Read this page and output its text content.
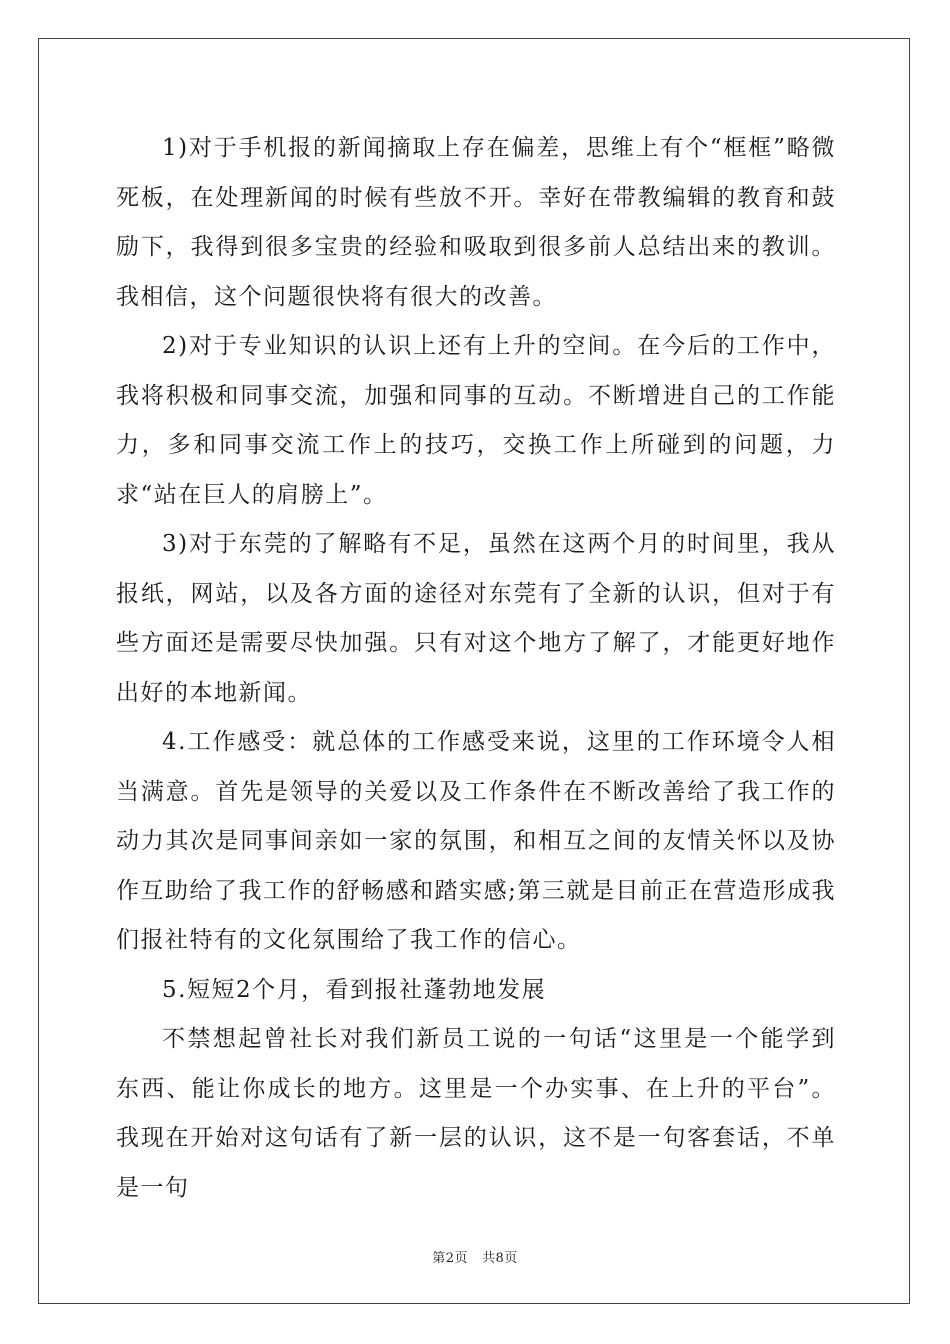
1)对于手机报的新闻摘取上存在偏差，思维上有个“框框”略微死板，在处理新闻的时候有些放不开。幸好在带教编辑的教育和鼓励下，我得到很多宝贵的经验和吸取到很多前人总结出来的教训。我相信，这个问题很快将有很大的改善。

2)对于专业知识的认识上还有上升的空间。在今后的工作中，我将积极和同事交流，加强和同事的互动。不断增进自己的工作能力，多和同事交流工作上的技巧，交换工作上所碰到的问题，力求“站在巨人的肩膀上”。

3)对于东莞的了解略有不足，虽然在这两个月的时间里，我从报纸，网站，以及各方面的途径对东莞有了全新的认识，但对于有些方面还是需要尽快加强。只有对这个地方了解了，才能更好地作出好的本地新闻。

4.工作感受：就总体的工作感受来说，这里的工作环境令人相当满意。首先是领导的关爱以及工作条件在不断改善给了我工作的动力其次是同事间亲如一家的氛围，和相互之间的友情关怀以及协作互助给了我工作的舒畅感和踏实感;第三就是目前正在营造形成我们报社特有的文化氛围给了我工作的信心。

5.短短2个月，看到报社蓬勃地发展

不禁想起曾社长对我们新员工说的一句话“这里是一个能学到东西、能让你成长的地方。这里是一个办实事、在上升的平台”。我现在开始对这句话有了新一层的认识，这不是一句客套话，不单是一句

第2页 共8页
